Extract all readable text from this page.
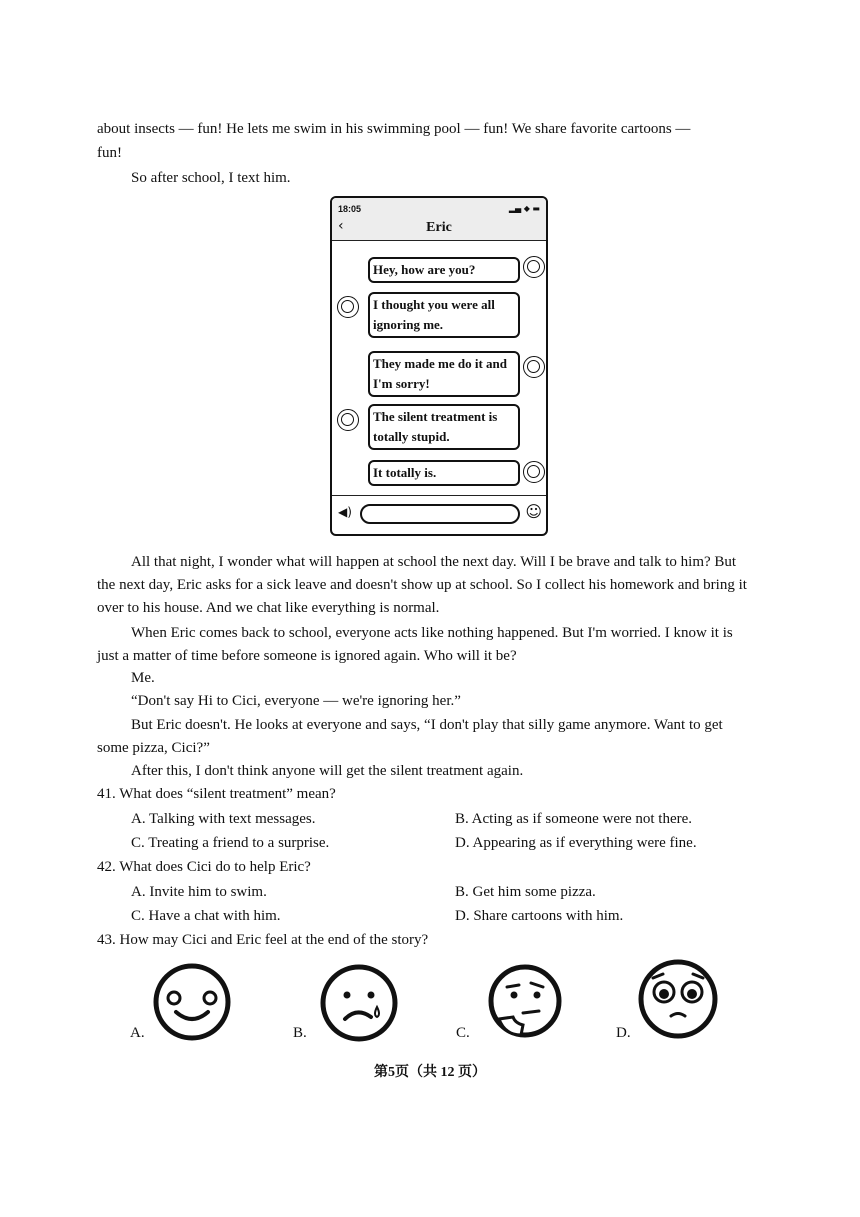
about insects — fun! He lets me swim in his swimming pool — fun! We share favorite cartoons —
fun!
So after school, I text him.
18:05	▂▄ ◆ ▬
‹	Eric
Hey, how are you?
I thought you were all ignoring me.
They made me do it and I'm sorry!
The silent treatment is totally stupid.
It totally is.
◀)	☺
All that night, I wonder what will happen at school the next day. Will I be brave and talk to him? But the next day, Eric asks for a sick leave and doesn't show up at school. So I collect his homework and bring it over to his house. And we chat like everything is normal.
When Eric comes back to school, everyone acts like nothing happened. But I'm worried. I know it is just a matter of time before someone is ignored again. Who will it be?
Me.
“Don't say Hi to Cici, everyone — we're ignoring her.”
But Eric doesn't. He looks at everyone and says, “I don't play that silly game anymore. Want to get some pizza, Cici?”
After this, I don't think anyone will get the silent treatment again.
41. What does “silent treatment” mean?
A. Talking with text messages.	B. Acting as if someone were not there.
C. Treating a friend to a surprise.	D. Appearing as if everything were fine.
42. What does Cici do to help Eric?
A. Invite him to swim.	B. Get him some pizza.
C. Have a chat with him.	D. Share cartoons with him.
43. How may Cici and Eric feel at the end of the story?
A.	B.	C.	D.
第5页（共 12 页）
